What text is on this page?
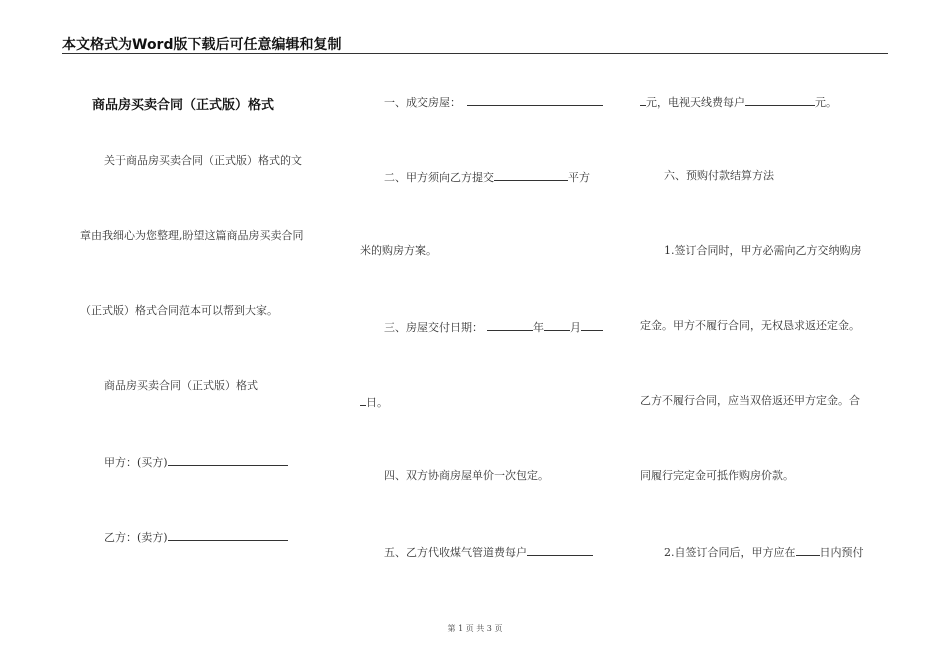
本文格式为Word版下载后可任意编辑和复制
商品房买卖合同（正式版）格式
关于商品房买卖合同（正式版）格式的文
章由我细心为您整理,盼望这篇商品房买卖合同
（正式版）格式合同范本可以帮到大家。
商品房买卖合同（正式版）格式
甲方：(买方)
乙方：(卖方)
一、成交房屋：
二、甲方须向乙方提交	平方
米的购房方案。
三、房屋交付日期：	年 月
日。
四、双方协商房屋单价一次包定。
五、乙方代收煤气管道费每户
元，电视天线费每户	元。
六、预购付款结算方法
1.签订合同时，甲方必需向乙方交纳购房
定金。甲方不履行合同，无权恳求返还定金。
乙方不履行合同，应当双倍返还甲方定金。合
同履行完定金可抵作购房价款。
2.自签订合同后，甲方应在 日内预付
第 1 页 共 3 页
